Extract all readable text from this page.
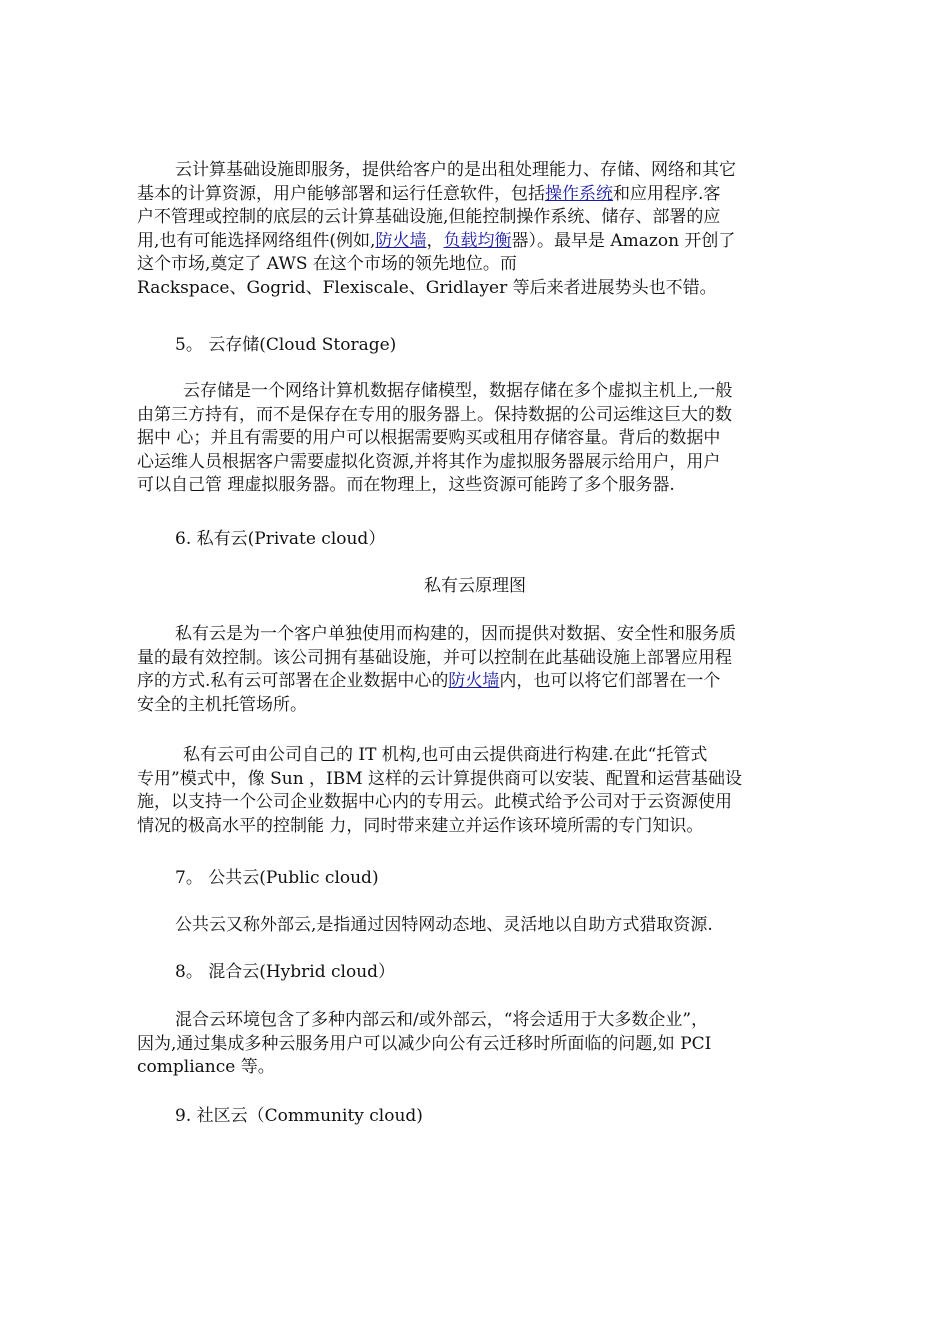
云计算基础设施即服务，提供给客户的是出租处理能力、存储、网络和其它

基本的计算资源，用户能够部署和运行任意软件，包括操作系统和应用程序.客

户不管理或控制的底层的云计算基础设施,但能控制操作系统、储存、部署的应

用,也有可能选择网络组件(例如,防火墙，负载均衡器）。最早是 Amazon 开创了

这个市场,奠定了 AWS 在这个市场的领先地位。而

Rackspace、Gogrid、Flexiscale、Gridlayer 等后来者进展势头也不错。

5。 云存储(Cloud Storage)

云存储是一个网络计算机数据存储模型，数据存储在多个虚拟主机上,一般

由第三方持有，而不是保存在专用的服务器上。保持数据的公司运维这巨大的数

据中 心；并且有需要的用户可以根据需要购买或租用存储容量。背后的数据中

心运维人员根据客户需要虚拟化资源,并将其作为虚拟服务器展示给用户，用户

可以自己管 理虚拟服务器。而在物理上，这些资源可能跨了多个服务器.

6. 私有云(Private cloud）
私有云原理图

私有云是为一个客户单独使用而构建的，因而提供对数据、安全性和服务质

量的最有效控制。该公司拥有基础设施，并可以控制在此基础设施上部署应用程

序的方式.私有云可部署在企业数据中心的防火墙内，也可以将它们部署在一个

安全的主机托管场所。

私有云可由公司自己的 IT 机构,也可由云提供商进行构建.在此“托管式

专用”模式中，像 Sun ，IBM 这样的云计算提供商可以安装、配置和运营基础设

施，以支持一个公司企业数据中心内的专用云。此模式给予公司对于云资源使用

情况的极高水平的控制能 力，同时带来建立并运作该环境所需的专门知识。

7。 公共云(Public cloud)
公共云又称外部云,是指通过因特网动态地、灵活地以自助方式猎取资源.
8。 混合云(Hybrid cloud）

混合云环境包含了多种内部云和/或外部云，“将会适用于大多数企业”，

因为,通过集成多种云服务用户可以减少向公有云迁移时所面临的问题,如 PCI

compliance 等。

9. 社区云（Community cloud)
